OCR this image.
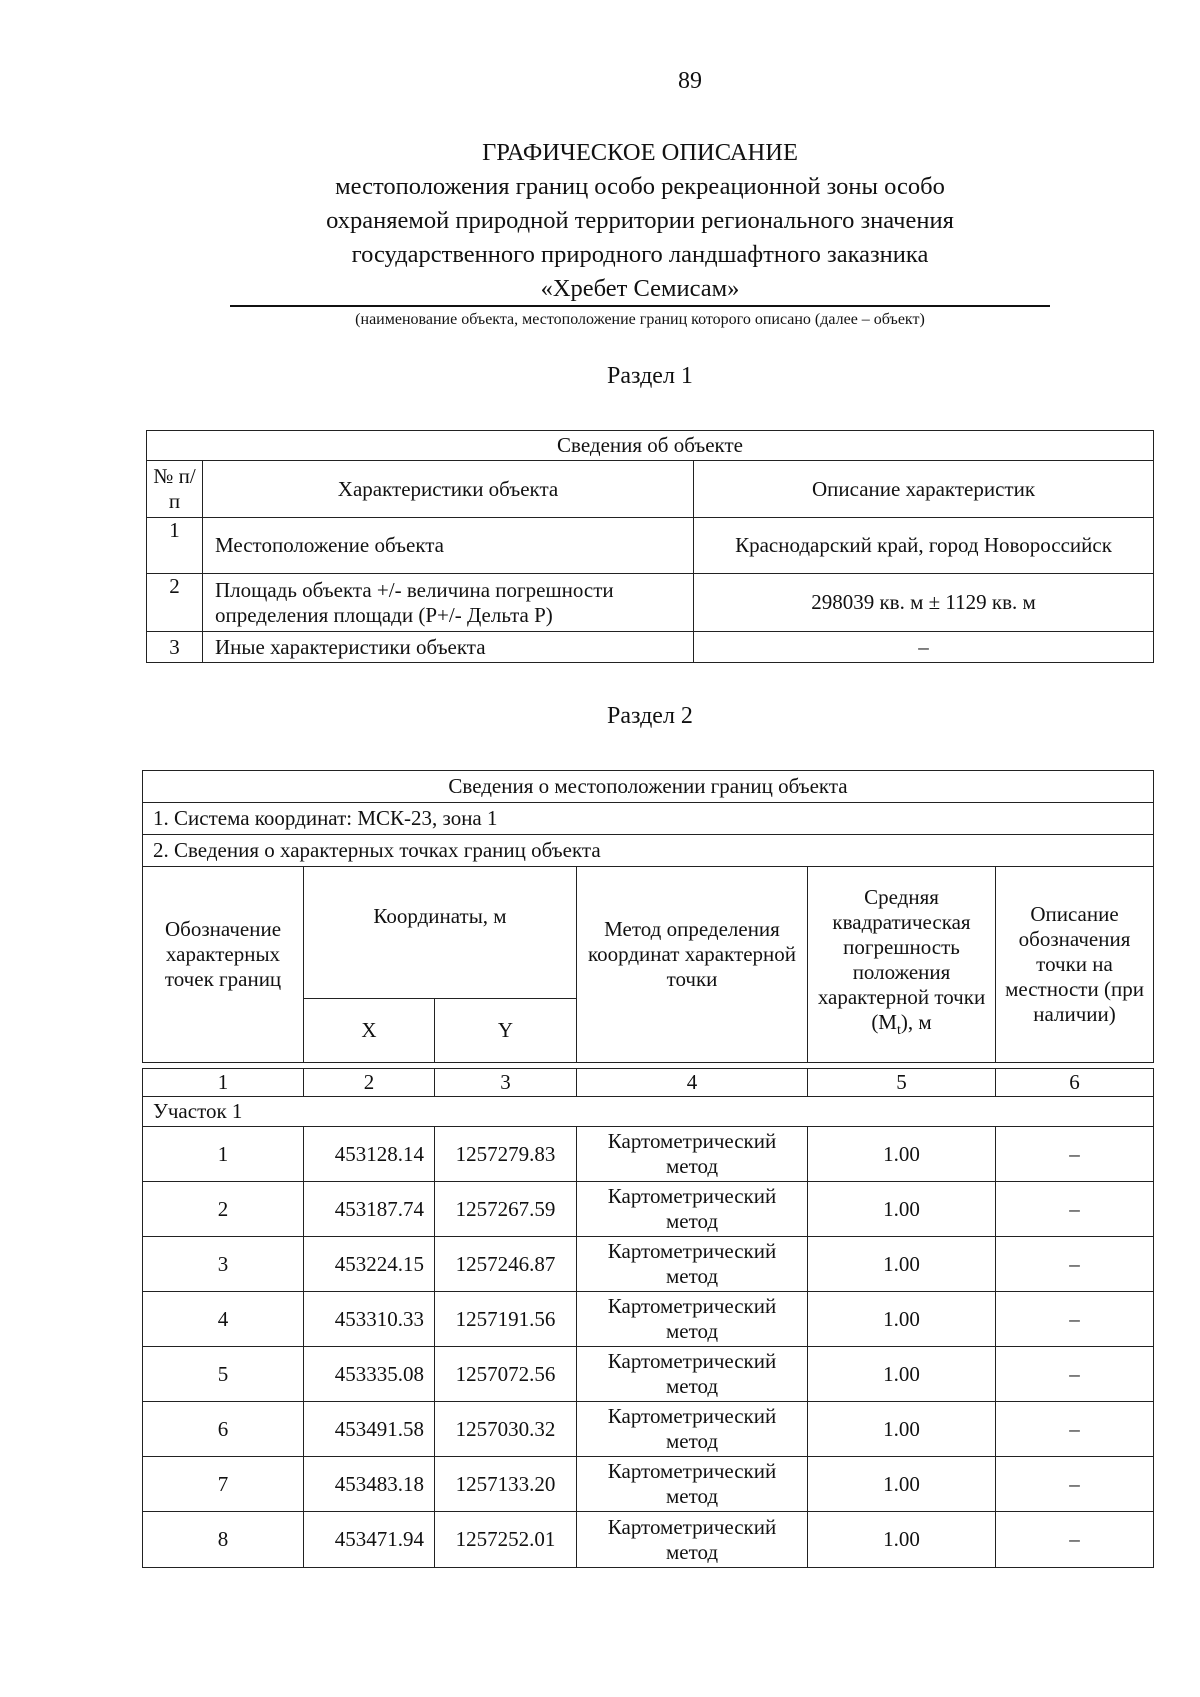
89
ГРАФИЧЕСКОЕ ОПИСАНИЕ
местоположения границ особо рекреационной зоны особо
охраняемой природной территории регионального значения
государственного природного ландшафтного заказника
«Хребет Семисам»
(наименование объекта, местоположение границ которого описано (далее – объект)
Раздел 1
Сведения об объекте		
№ п/п	Характеристики объекта	Описание характеристик
1	Местоположение объекта	Краснодарский край, город Новороссийск
2	Площадь объекта +/- величина погрешности определения площади (P+/- Дельта P)	298039 кв. м ± 1129 кв. м
3	Иные характеристики объекта	–
Раздел 2
Сведения о местоположении границ объекта					
1. Система координат: МСК-23, зона 1					
2. Сведения о характерных точках границ объекта					
Обозначение характерных точек границ	Координаты, м		Метод определения координат характерной точки	Средняя квадратическая погрешность положения характерной точки $(M_t)$, м	Описание обозначения точки на местности (при наличии)
	X	Y			

1	2	3	4	5	6
Участок 1					
1	453128.14	1257279.83	Картометрический метод	1.00	–
2	453187.74	1257267.59	Картометрический метод	1.00	–
3	453224.15	1257246.87	Картометрический метод	1.00	–
4	453310.33	1257191.56	Картометрический метод	1.00	–
5	453335.08	1257072.56	Картометрический метод	1.00	–
6	453491.58	1257030.32	Картометрический метод	1.00	–
7	453483.18	1257133.20	Картометрический метод	1.00	–
8	453471.94	1257252.01	Картометрический метод	1.00	–
